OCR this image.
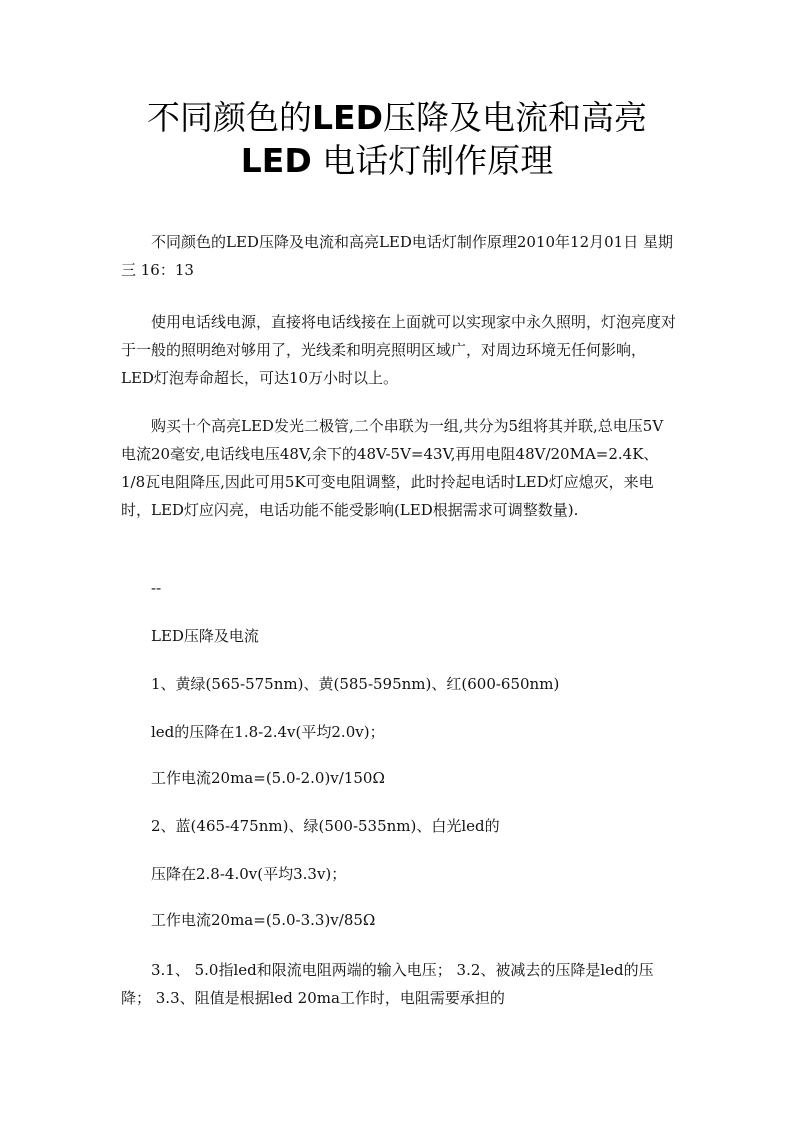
不同颜色的LED压降及电流和高亮
LED 电话灯制作原理

不同颜色的LED压降及电流和高亮LED电话灯制作原理2010年12月01日 星期三 16：13

使用电话线电源，直接将电话线接在上面就可以实现家中永久照明，灯泡亮度对于一般的照明绝对够用了，光线柔和明亮照明区域广，对周边环境无任何影响，LED灯泡寿命超长，可达10万小时以上。

购买十个高亮LED发光二极管,二个串联为一组,共分为5组将其并联,总电压5V电流20毫安,电话线电压48V,余下的48V-5V=43V,再用电阻48V/20MA=2.4K、1/8瓦电阻降压,因此可用5K可变电阻调整，此时拎起电话时LED灯应熄灭，来电时，LED灯应闪亮，电话功能不能受影响(LED根据需求可调整数量).

--
LED压降及电流
1、黄绿(565-575nm)、黄(585-595nm)、红(600-650nm)
led的压降在1.8-2.4v(平均2.0v)；
工作电流20ma=(5.0-2.0)v/150Ω
2、蓝(465-475nm)、绿(500-535nm)、白光led的
压降在2.8-4.0v(平均3.3v)；
工作电流20ma=(5.0-3.3)v/85Ω

3.1、 5.0指led和限流电阻两端的输入电压； 3.2、被减去的压降是led的压降； 3.3、阻值是根据led 20ma工作时，电阻需要承担的
